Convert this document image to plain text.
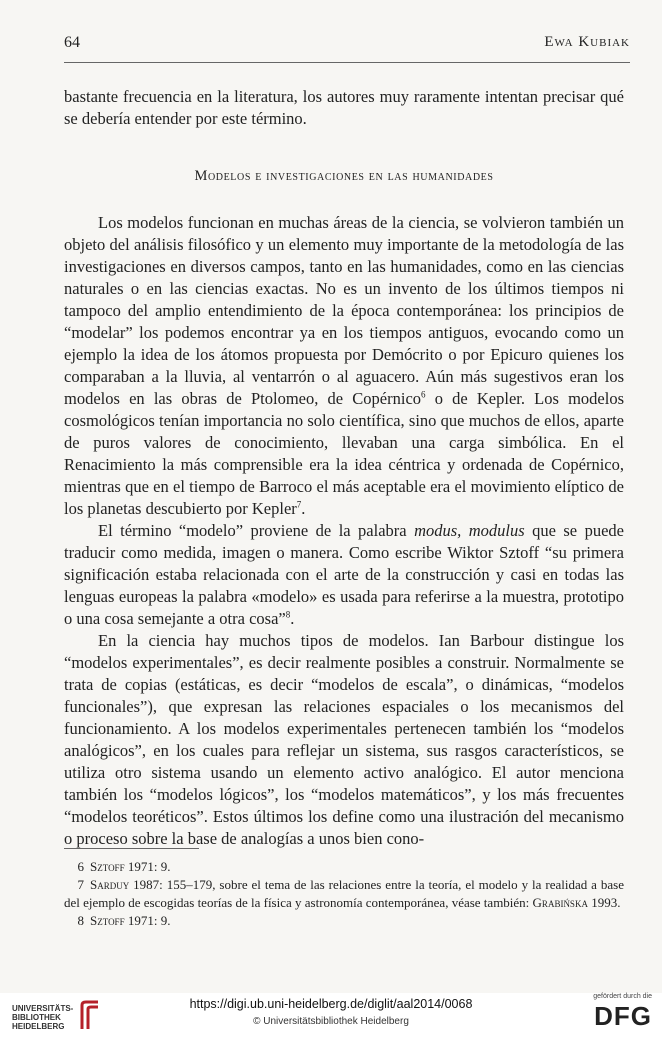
64	Ewa Kubiak

bastante frecuencia en la literatura, los autores muy raramente intentan precisar qué se debería entender por este término.

Modelos e investigaciones en las humanidades

Los modelos funcionan en muchas áreas de la ciencia, se volvieron también un objeto del análisis filosófico y un elemento muy importante de la metodología de las investigaciones en diversos campos, tanto en las humanidades, como en las ciencias naturales o en las ciencias exactas. No es un invento de los últimos tiempos ni tampoco del amplio entendimiento de la época contemporánea: los principios de “modelar” los podemos encontrar ya en los tiempos antiguos, evocando como un ejemplo la idea de los átomos propuesta por Demócrito o por Epicuro quienes los comparaban a la lluvia, al ventarrón o al aguacero. Aún más sugestivos eran los modelos en las obras de Ptolomeo, de Copérnico$^6$ o de Kepler. Los modelos cosmológicos tenían importancia no solo científica, sino que muchos de ellos, aparte de puros valores de conocimiento, llevaban una carga simbólica. En el Renacimiento la más comprensible era la idea céntrica y ordenada de Copérnico, mientras que en el tiempo de Barroco el más aceptable era el movimiento elíptico de los planetas descubierto por Kepler$^7$.

El término “modelo” proviene de la palabra modus, modulus que se puede traducir como medida, imagen o manera. Como escribe Wiktor Sztoff “su primera significación estaba relacionada con el arte de la construcción y casi en todas las lenguas europeas la palabra «modelo» es usada para referirse a la muestra, prototipo o una cosa semejante a otra cosa”$^8$.

En la ciencia hay muchos tipos de modelos. Ian Barbour distingue los “modelos experimentales”, es decir realmente posibles a construir. Normalmente se trata de copias (estáticas, es decir “modelos de escala”, o dinámicas, “modelos funcionales”), que expresan las relaciones espaciales o los mecanismos del funcionamiento. A los modelos experimentales pertenecen también los “modelos analógicos”, en los cuales para reflejar un sistema, sus rasgos característicos, se utiliza otro sistema usando un elemento activo analógico. El autor menciona también los “modelos lógicos”, los “modelos matemáticos”, y los más frecuentes “modelos teoréticos”. Estos últimos los define como una ilustración del mecanismo o proceso sobre la base de analogías a unos bien cono-

6 Sztoff 1971: 9.

7 Sarduy 1987: 155–179, sobre el tema de las relaciones entre la teoría, el modelo y la realidad a base del ejemplo de escogidas teorías de la física y astronomía contemporánea, véase también: Grabińska 1993.

8 Sztoff 1971: 9.

UNIVERSITÄTS-
BIBLIOTHEK
HEIDELBERG
https://digi.ub.uni-heidelberg.de/diglit/aal2014/0068
© Universitätsbibliothek Heidelberg
gefördert durch die
DFG
